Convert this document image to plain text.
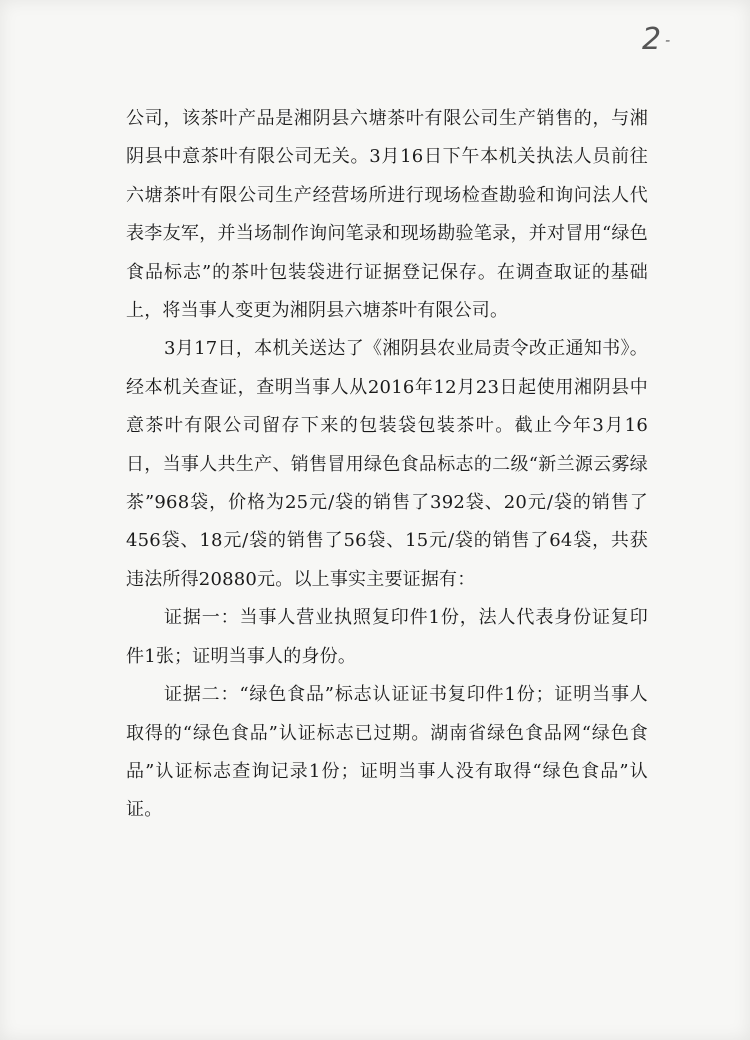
2 -

公司，该茶叶产品是湘阴县六塘茶叶有限公司生产销售的，与湘阴县中意茶叶有限公司无关。3月16日下午本机关执法人员前往六塘茶叶有限公司生产经营场所进行现场检查勘验和询问法人代表李友军，并当场制作询问笔录和现场勘验笔录，并对冒用“绿色食品标志”的茶叶包装袋进行证据登记保存。在调查取证的基础上，将当事人变更为湘阴县六塘茶叶有限公司。

3月17日，本机关送达了《湘阴县农业局责令改正通知书》。经本机关查证，查明当事人从2016年12月23日起使用湘阴县中意茶叶有限公司留存下来的包装袋包装茶叶。截止今年3月16日，当事人共生产、销售冒用绿色食品标志的二级“新兰源云雾绿茶”968袋，价格为25元/袋的销售了392袋、20元/袋的销售了456袋、18元/袋的销售了56袋、15元/袋的销售了64袋，共获违法所得20880元。以上事实主要证据有：

证据一：当事人营业执照复印件1份，法人代表身份证复印件1张；证明当事人的身份。

证据二：“绿色食品”标志认证证书复印件1份；证明当事人取得的“绿色食品”认证标志已过期。湖南省绿色食品网“绿色食品”认证标志查询记录1份；证明当事人没有取得“绿色食品”认证。
